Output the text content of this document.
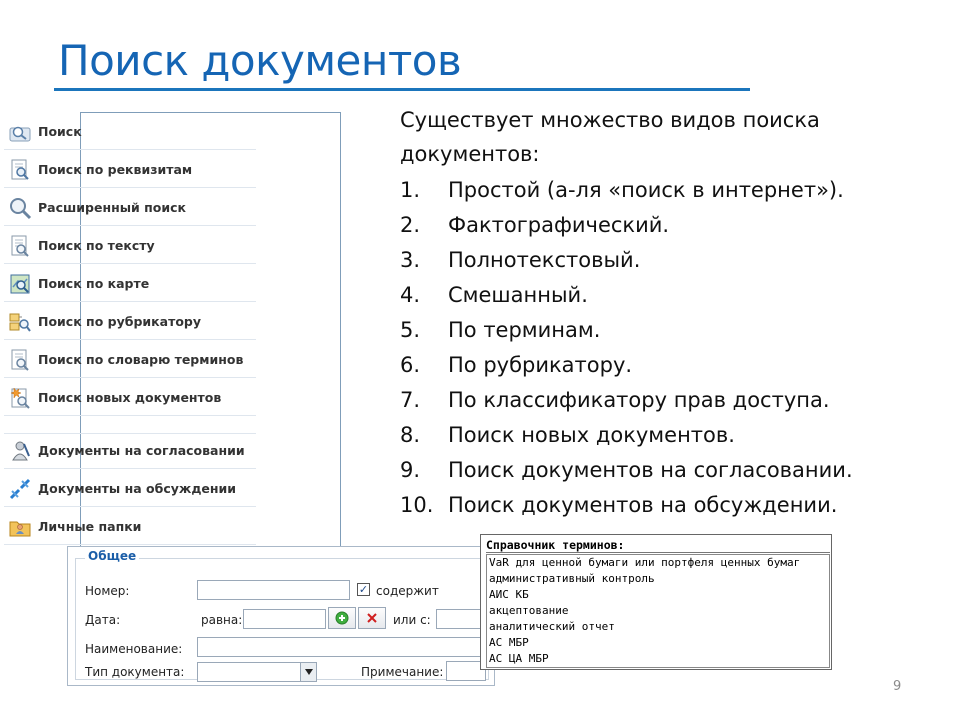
Поиск документов
Поиск
Поиск по реквизитам
Расширенный поиск
Поиск по тексту
Поиск по карте
Поиск по рубрикатору
Поиск по словарю терминов
Поиск новых документов
Документы на согласовании
Документы на обсуждении
Личные папки
Существует множество видов поиска документов:
1.	Простой (а-ля «поиск в интернет»).
2.	Фактографический.
3.	Полнотекстовый.
4.	Смешанный.
5.	По терминам.
6.	По рубрикатору.
7.	По классификатору прав доступа.
8.	Поиск новых документов.
9.	Поиск документов на согласовании.
10. Поиск документов на обсуждении.
Общее
Номер:	✓ содержит
Дата:	равна:	или с:
Наименование:
Тип документа:	Примечание:
Справочник терминов:
VaR для ценной бумаги или портфеля ценных бумаг
административный контроль
АИС КБ
акцептование
аналитический отчет
АС МБР
АС ЦА МБР
9
